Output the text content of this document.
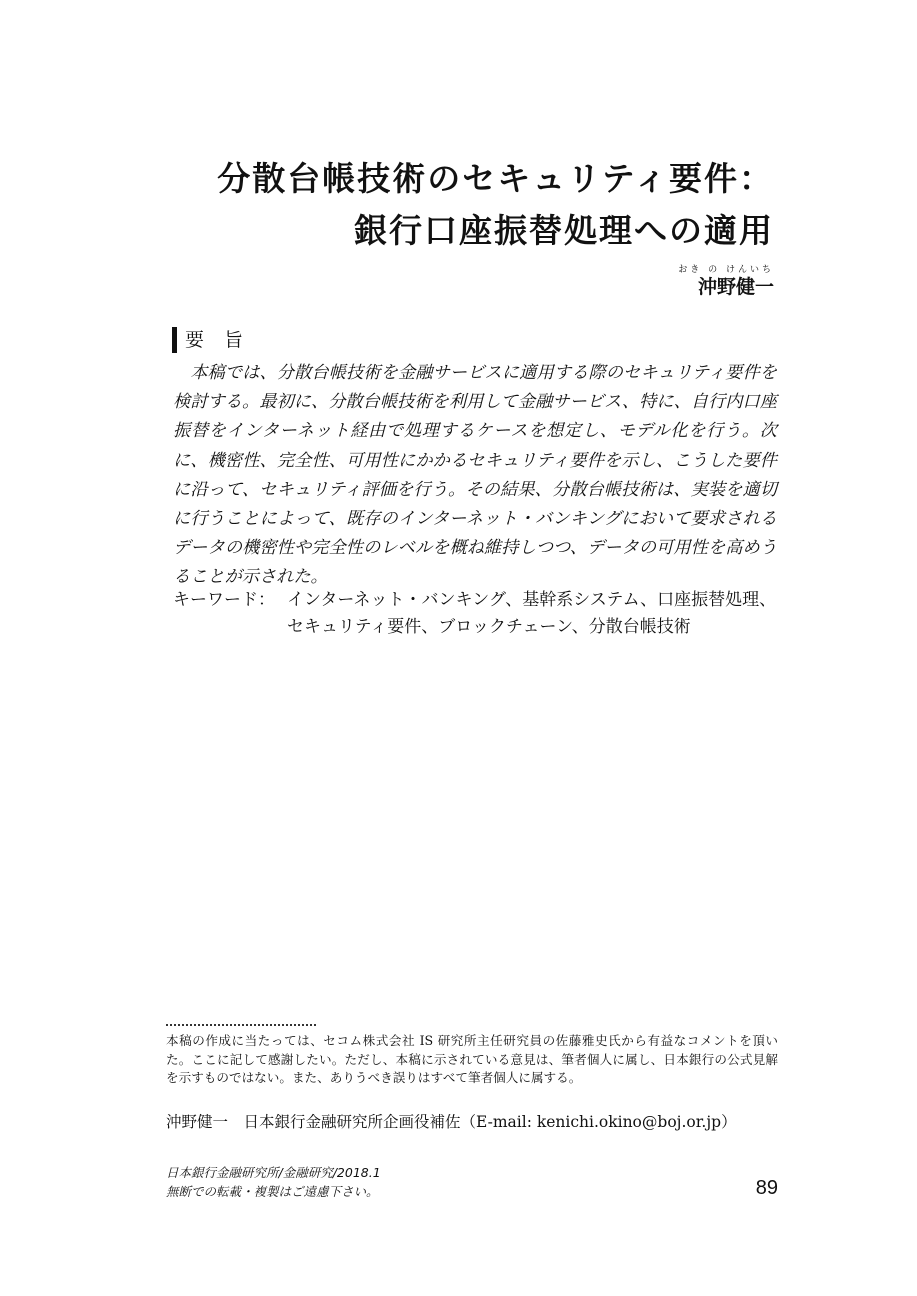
分散台帳技術のセキュリティ要件：
銀行口座振替処理への適用
おき の けんいち
沖野健一
要旨

本稿では、分散台帳技術を金融サービスに適用する際のセキュリティ要件を検討する。最初に、分散台帳技術を利用して金融サービス、特に、自行内口座振替をインターネット経由で処理するケースを想定し、モデル化を行う。次に、機密性、完全性、可用性にかかるセキュリティ要件を示し、こうした要件に沿って、セキュリティ評価を行う。その結果、分散台帳技術は、実装を適切に行うことによって、既存のインターネット・バンキングにおいて要求されるデータの機密性や完全性のレベルを概ね維持しつつ、データの可用性を高めうることが示された。

キーワード： インターネット・バンキング、基幹系システム、口座振替処理、セキュリティ要件、ブロックチェーン、分散台帳技術

本稿の作成に当たっては、セコム株式会社 IS 研究所主任研究員の佐藤雅史氏から有益なコメントを頂いた。ここに記して感謝したい。ただし、本稿に示されている意見は、筆者個人に属し、日本銀行の公式見解を示すものではない。また、ありうべき誤りはすべて筆者個人に属する。

沖野健一　日本銀行金融研究所企画役補佐（E-mail: kenichi.okino@boj.or.jp）
日本銀行金融研究所/金融研究/2018.1
無断での転載・複製はご遠慮下さい。	89
